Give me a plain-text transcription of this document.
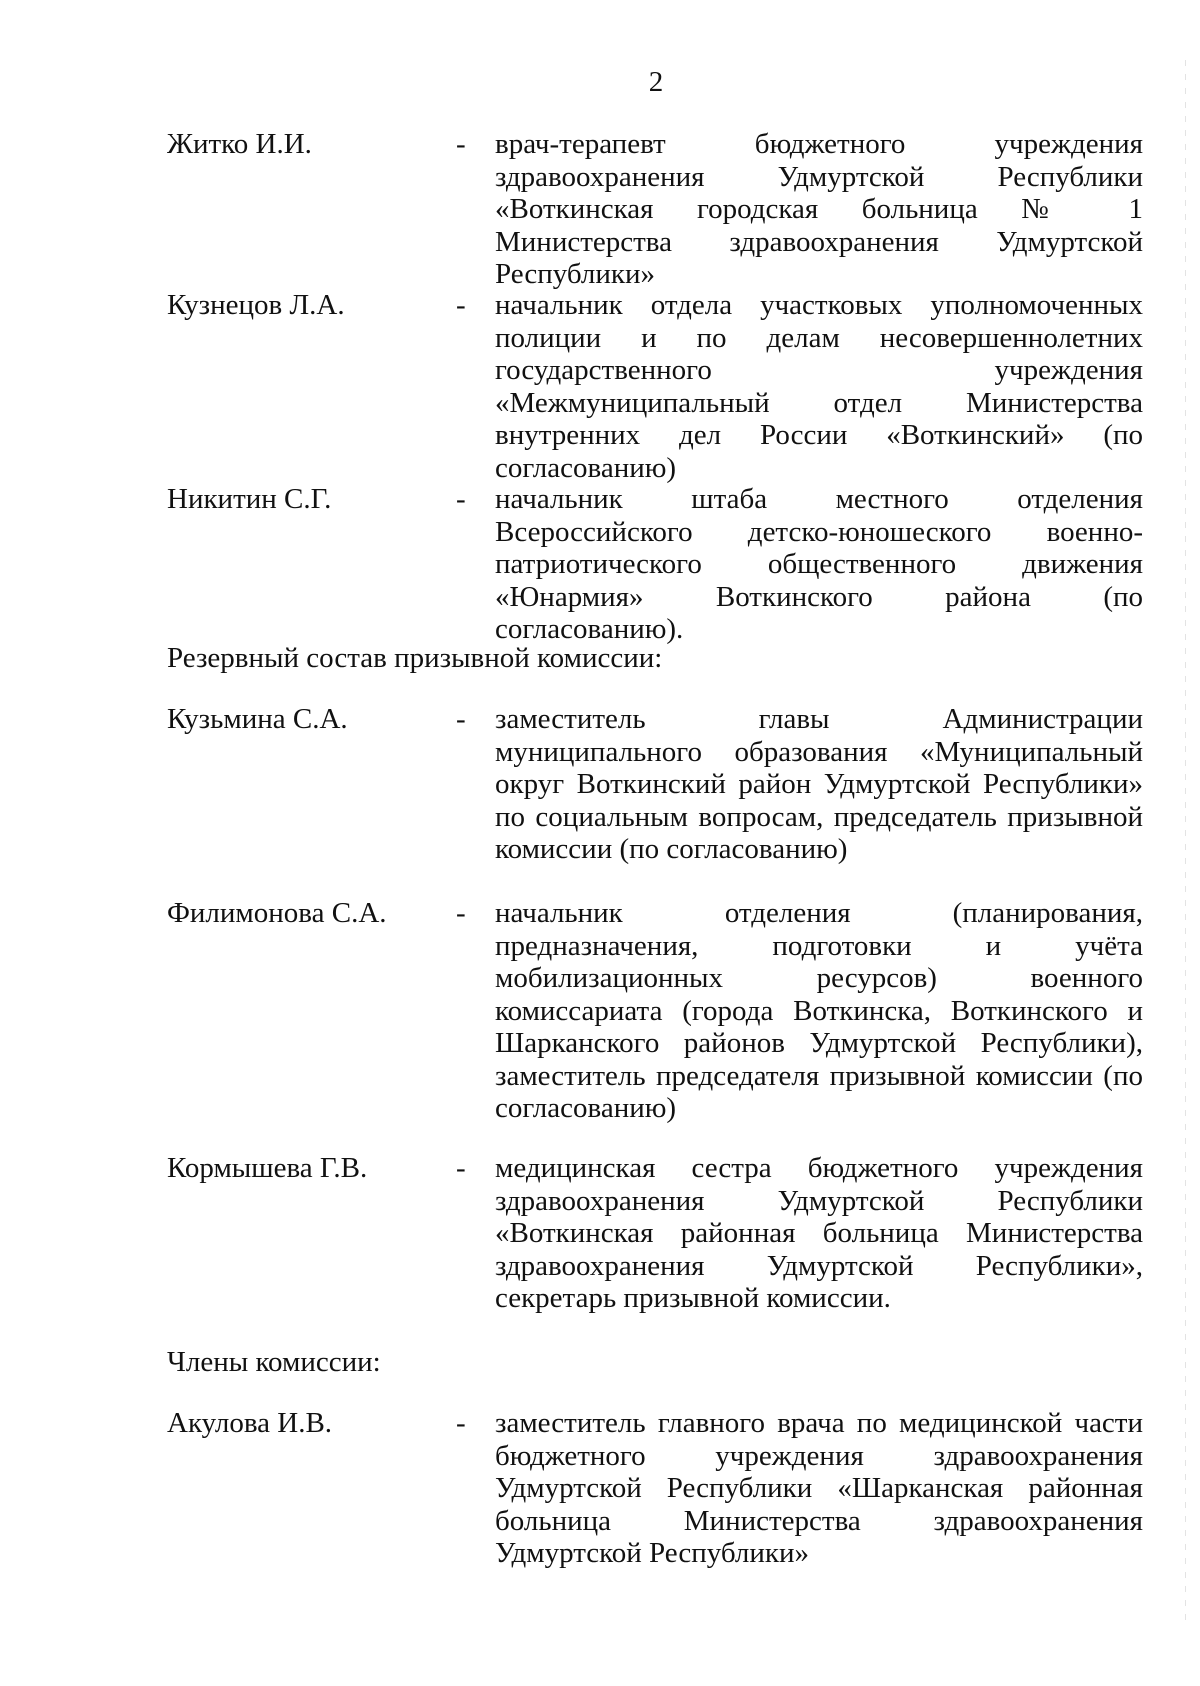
2
Житко И.И.	- врач-терапевт бюджетного учреждения здравоохранения Удмуртской Республики «Воткинская городская больница № 1 Министерства здравоохранения Удмуртской Республики»
Кузнецов Л.А.	- начальник отдела участковых уполномоченных полиции и по делам несовершеннолетних государственного учреждения «Межмуниципальный отдел Министерства внутренних дел России «Воткинский» (по согласованию)
Никитин С.Г.	- начальник штаба местного отделения Всероссийского детско-юношеского военно-патриотического общественного движения «Юнармия» Воткинского района (по согласованию).
Резервный состав призывной комиссии:
Кузьмина С.А.	- заместитель главы Администрации муниципального образования «Муниципальный округ Воткинский район Удмуртской Республики» по социальным вопросам, председатель призывной комиссии (по согласованию)
Филимонова С.А. - начальник отделения (планирования, предназначения, подготовки и учёта мобилизационных ресурсов) военного комиссариата (города Воткинска, Воткинского и Шарканского районов Удмуртской Республики), заместитель председателя призывной комиссии (по согласованию)
Кормышева Г.В.	- медицинская сестра бюджетного учреждения здравоохранения Удмуртской Республики «Воткинская районная больница Министерства здравоохранения Удмуртской Республики», секретарь призывной комиссии.
Члены комиссии:
Акулова И.В.	- заместитель главного врача по медицинской части бюджетного учреждения здравоохранения Удмуртской Республики «Шарканская районная больница Министерства здравоохранения Удмуртской Республики»
